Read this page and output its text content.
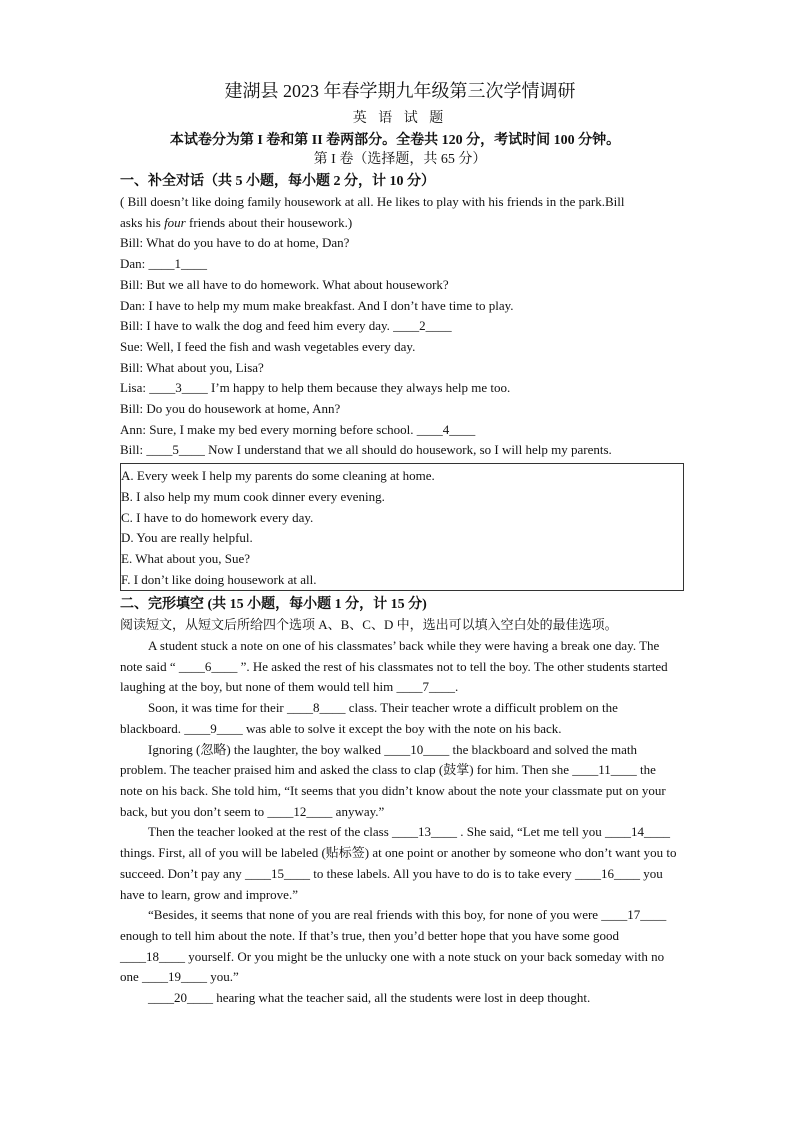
建湖县 2023 年春学期九年级第三次学情调研
英 语 试 题
本试卷分为第 I 卷和第 II 卷两部分。全卷共 120 分，考试时间 100 分钟。
第 I 卷（选择题，共 65 分）
一、补全对话（共 5 小题，每小题 2 分，计 10 分）
( Bill doesn’t like doing family housework at all. He likes to play with his friends in the park.Bill
asks his four friends about their housework.)
Bill: What do you have to do at home, Dan?
Dan: ____1____
Bill: But we all have to do homework. What about housework?
Dan: I have to help my mum make breakfast. And I don’t have time to play.
Bill: I have to walk the dog and feed him every day. ____2____
Sue: Well, I feed the fish and wash vegetables every day.
Bill: What about you, Lisa?
Lisa: ____3____ I’m happy to help them because they always help me too.
Bill: Do you do housework at home, Ann?
Ann: Sure, I make my bed every morning before school. ____4____
Bill: ____5____ Now I understand that we all should do housework, so I will help my parents.
A. Every week I help my parents do some cleaning at home.
B. I also help my mum cook dinner every evening.
C. I have to do homework every day.
D. You are really helpful.
E. What about you, Sue?
F. I don’t like doing housework at all.
二、完形填空 (共 15 小题，每小题 1 分，计 15 分)
阅读短文，从短文后所给四个选项 A、B、C、D 中，选出可以填入空白处的最佳选项。
A student stuck a note on one of his classmates’ back while they were having a break one day. The note said “ ____6____ ”. He asked the rest of his classmates not to tell the boy. The other students started laughing at the boy, but none of them would tell him ____7____.
Soon, it was time for their ____8____ class. Their teacher wrote a difficult problem on the blackboard. ____9____ was able to solve it except the boy with the note on his back.
Ignoring (忽略) the laughter, the boy walked ____10____ the blackboard and solved the math problem. The teacher praised him and asked the class to clap (鼓掌) for him. Then she ____11____ the note on his back. She told him, “It seems that you didn’t know about the note your classmate put on your back, but you don’t seem to ____12____ anyway.”
Then the teacher looked at the rest of the class ____13____ . She said, “Let me tell you ____14____ things. First, all of you will be labeled (贴标签) at one point or another by someone who don’t want you to succeed. Don’t pay any ____15____ to these labels. All you have to do is to take every ____16____ you have to learn, grow and improve.”
“Besides, it seems that none of you are real friends with this boy, for none of you were ____17____ enough to tell him about the note. If that’s true, then you’d better hope that you have some good ____18____ yourself. Or you might be the unlucky one with a note stuck on your back someday with no one ____19____ you.”
____20____ hearing what the teacher said, all the students were lost in deep thought.
